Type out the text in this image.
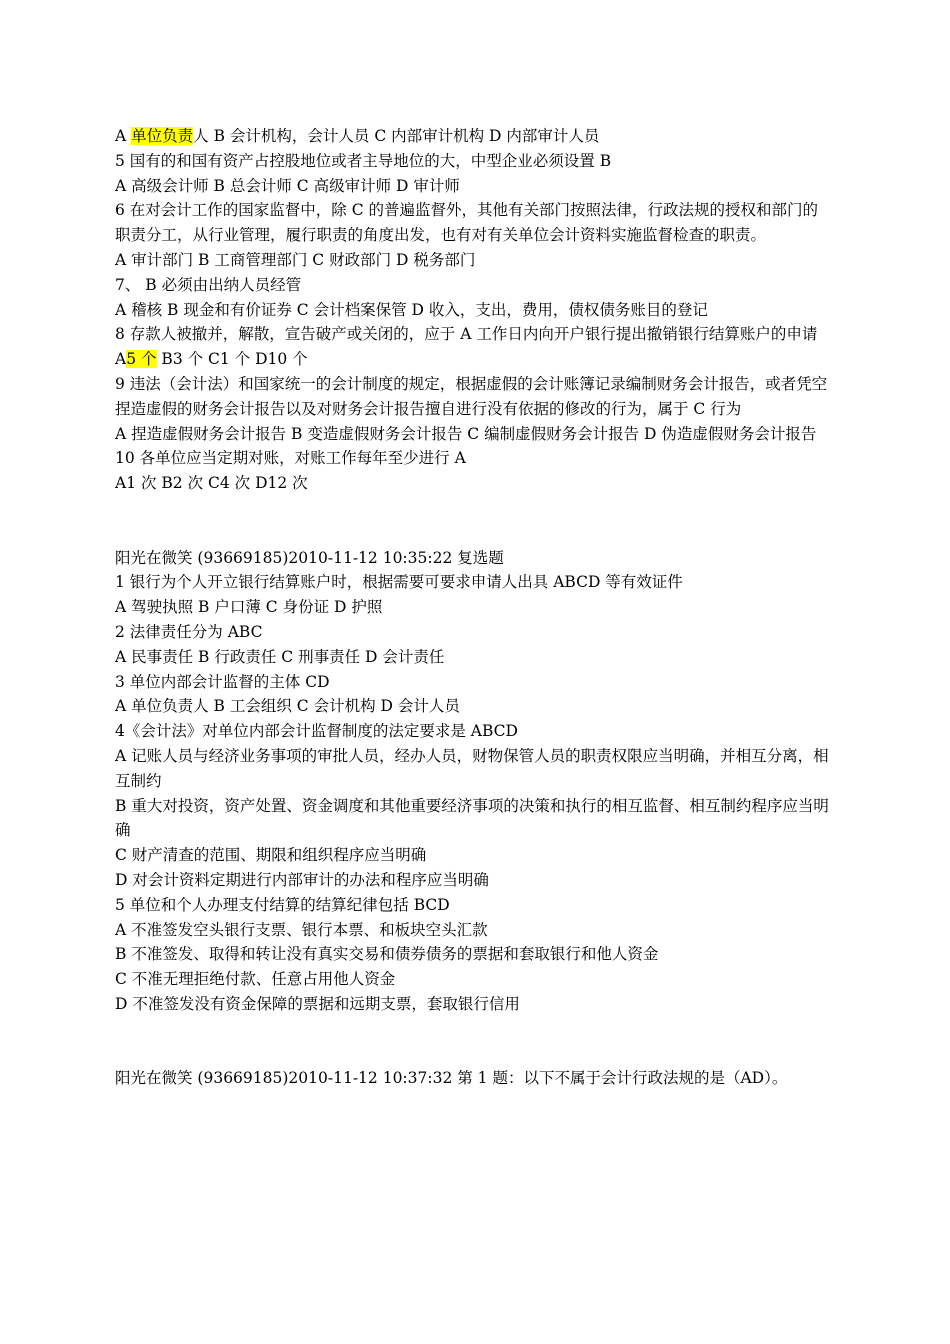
A 单位负责人 B 会计机构，会计人员 C 内部审计机构 D 内部审计人员

5 国有的和国有资产占控股地位或者主导地位的大，中型企业必须设置 B

A 高级会计师 B 总会计师 C 高级审计师 D 审计师

6 在对会计工作的国家监督中，除 C 的普遍监督外，其他有关部门按照法律，行政法规的授权和部门的职责分工，从行业管理，履行职责的角度出发，也有对有关单位会计资料实施监督检查的职责。

A 审计部门 B 工商管理部门 C 财政部门 D 税务部门

7、 B 必须由出纳人员经管

A 稽核 B 现金和有价证券 C 会计档案保管 D 收入，支出，费用，债权债务账目的登记

8 存款人被撤并，解散，宣告破产或关闭的，应于 A 工作日内向开户银行提出撤销银行结算账户的申请

A5 个 B3 个 C1 个 D10 个

9 违法（会计法）和国家统一的会计制度的规定，根据虚假的会计账簿记录编制财务会计报告，或者凭空捏造虚假的财务会计报告以及对财务会计报告擅自进行没有依据的修改的行为，属于 C 行为

A 捏造虚假财务会计报告 B 变造虚假财务会计报告 C 编制虚假财务会计报告 D 伪造虚假财务会计报告

10 各单位应当定期对账，对账工作每年至少进行 A

A1 次 B2 次 C4 次 D12 次

阳光在微笑 (93669185)2010-11-12 10:35:22 复选题

1 银行为个人开立银行结算账户时，根据需要可要求申请人出具 ABCD 等有效证件

A 驾驶执照 B 户口薄 C 身份证 D 护照

2 法律责任分为 ABC

A 民事责任 B 行政责任 C 刑事责任 D 会计责任

3 单位内部会计监督的主体 CD

A 单位负责人 B 工会组织 C 会计机构 D 会计人员

4《会计法》对单位内部会计监督制度的法定要求是 ABCD

A 记账人员与经济业务事项的审批人员，经办人员，财物保管人员的职责权限应当明确，并相互分离，相互制约

B 重大对投资，资产处置、资金调度和其他重要经济事项的决策和执行的相互监督、相互制约程序应当明确

C 财产清查的范围、期限和组织程序应当明确

D 对会计资料定期进行内部审计的办法和程序应当明确

5 单位和个人办理支付结算的结算纪律包括 BCD

A 不准签发空头银行支票、银行本票、和板块空头汇款

B 不准签发、取得和转让没有真实交易和债券债务的票据和套取银行和他人资金

C 不准无理拒绝付款、任意占用他人资金

D 不准签发没有资金保障的票据和远期支票，套取银行信用

阳光在微笑 (93669185)2010-11-12 10:37:32 第 1 题：以下不属于会计行政法规的是（AD）。
